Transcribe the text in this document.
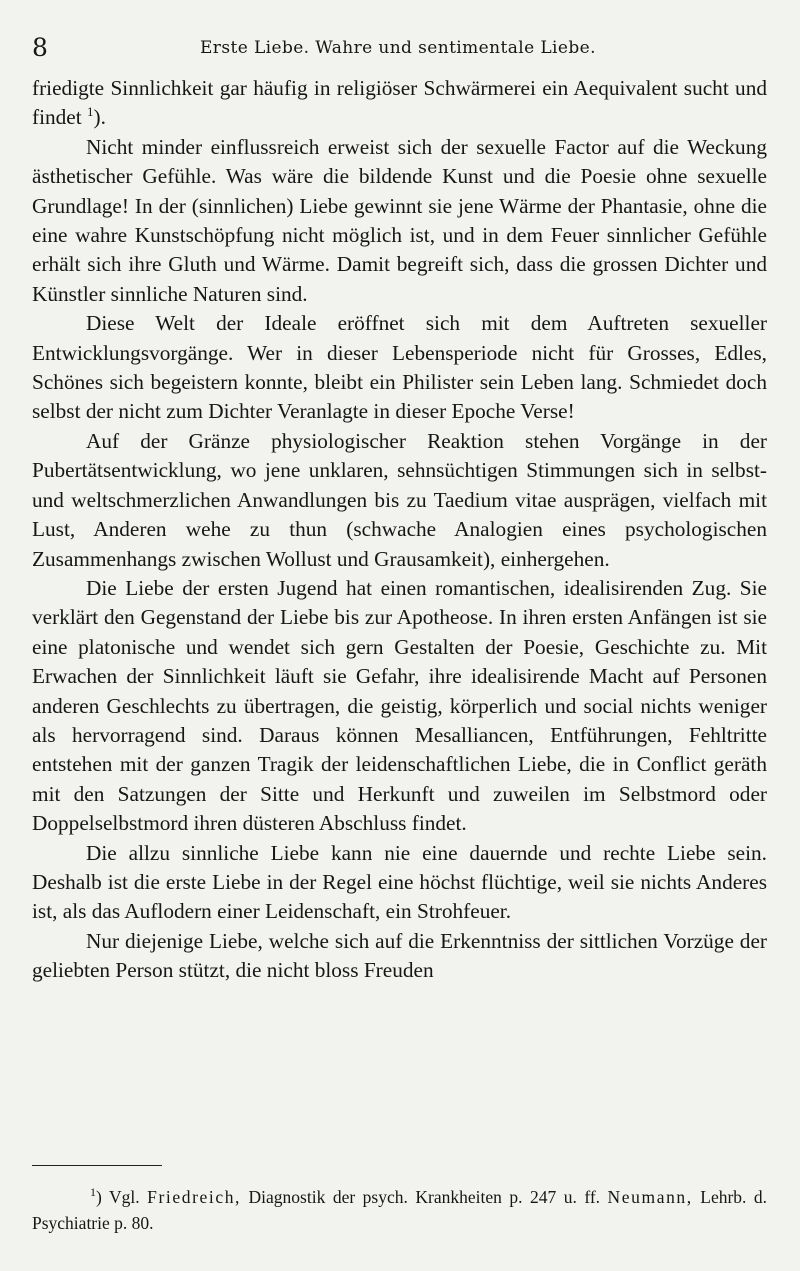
8	Erste Liebe. Wahre und sentimentale Liebe.

friedigte Sinnlichkeit gar häufig in religiöser Schwärmerei ein Aequivalent sucht und findet $^1$).

Nicht minder einflussreich erweist sich der sexuelle Factor auf die Weckung ästhetischer Gefühle. Was wäre die bildende Kunst und die Poesie ohne sexuelle Grundlage! In der (sinnlichen) Liebe gewinnt sie jene Wärme der Phantasie, ohne die eine wahre Kunstschöpfung nicht möglich ist, und in dem Feuer sinnlicher Gefühle erhält sich ihre Gluth und Wärme. Damit begreift sich, dass die grossen Dichter und Künstler sinnliche Naturen sind.

Diese Welt der Ideale eröffnet sich mit dem Auftreten sexueller Entwicklungsvorgänge. Wer in dieser Lebensperiode nicht für Grosses, Edles, Schönes sich begeistern konnte, bleibt ein Philister sein Leben lang. Schmiedet doch selbst der nicht zum Dichter Veranlagte in dieser Epoche Verse!

Auf der Gränze physiologischer Reaktion stehen Vorgänge in der Pubertätsentwicklung, wo jene unklaren, sehnsüchtigen Stimmungen sich in selbst- und weltschmerzlichen Anwandlungen bis zu Taedium vitae ausprägen, vielfach mit Lust, Anderen wehe zu thun (schwache Analogien eines psychologischen Zusammenhangs zwischen Wollust und Grausamkeit), einhergehen.

Die Liebe der ersten Jugend hat einen romantischen, idealisirenden Zug. Sie verklärt den Gegenstand der Liebe bis zur Apotheose. In ihren ersten Anfängen ist sie eine platonische und wendet sich gern Gestalten der Poesie, Geschichte zu. Mit Erwachen der Sinnlichkeit läuft sie Gefahr, ihre idealisirende Macht auf Personen anderen Geschlechts zu übertragen, die geistig, körperlich und social nichts weniger als hervorragend sind. Daraus können Mesalliancen, Entführungen, Fehltritte entstehen mit der ganzen Tragik der leidenschaftlichen Liebe, die in Conflict geräth mit den Satzungen der Sitte und Herkunft und zuweilen im Selbstmord oder Doppelselbstmord ihren düsteren Abschluss findet.

Die allzu sinnliche Liebe kann nie eine dauernde und rechte Liebe sein. Deshalb ist die erste Liebe in der Regel eine höchst flüchtige, weil sie nichts Anderes ist, als das Auflodern einer Leidenschaft, ein Strohfeuer.

Nur diejenige Liebe, welche sich auf die Erkenntniss der sittlichen Vorzüge der geliebten Person stützt, die nicht bloss Freuden

$^1$) Vgl. Friedreich, Diagnostik der psych. Krankheiten p. 247 u. ff. Neumann, Lehrb. d. Psychiatrie p. 80.
